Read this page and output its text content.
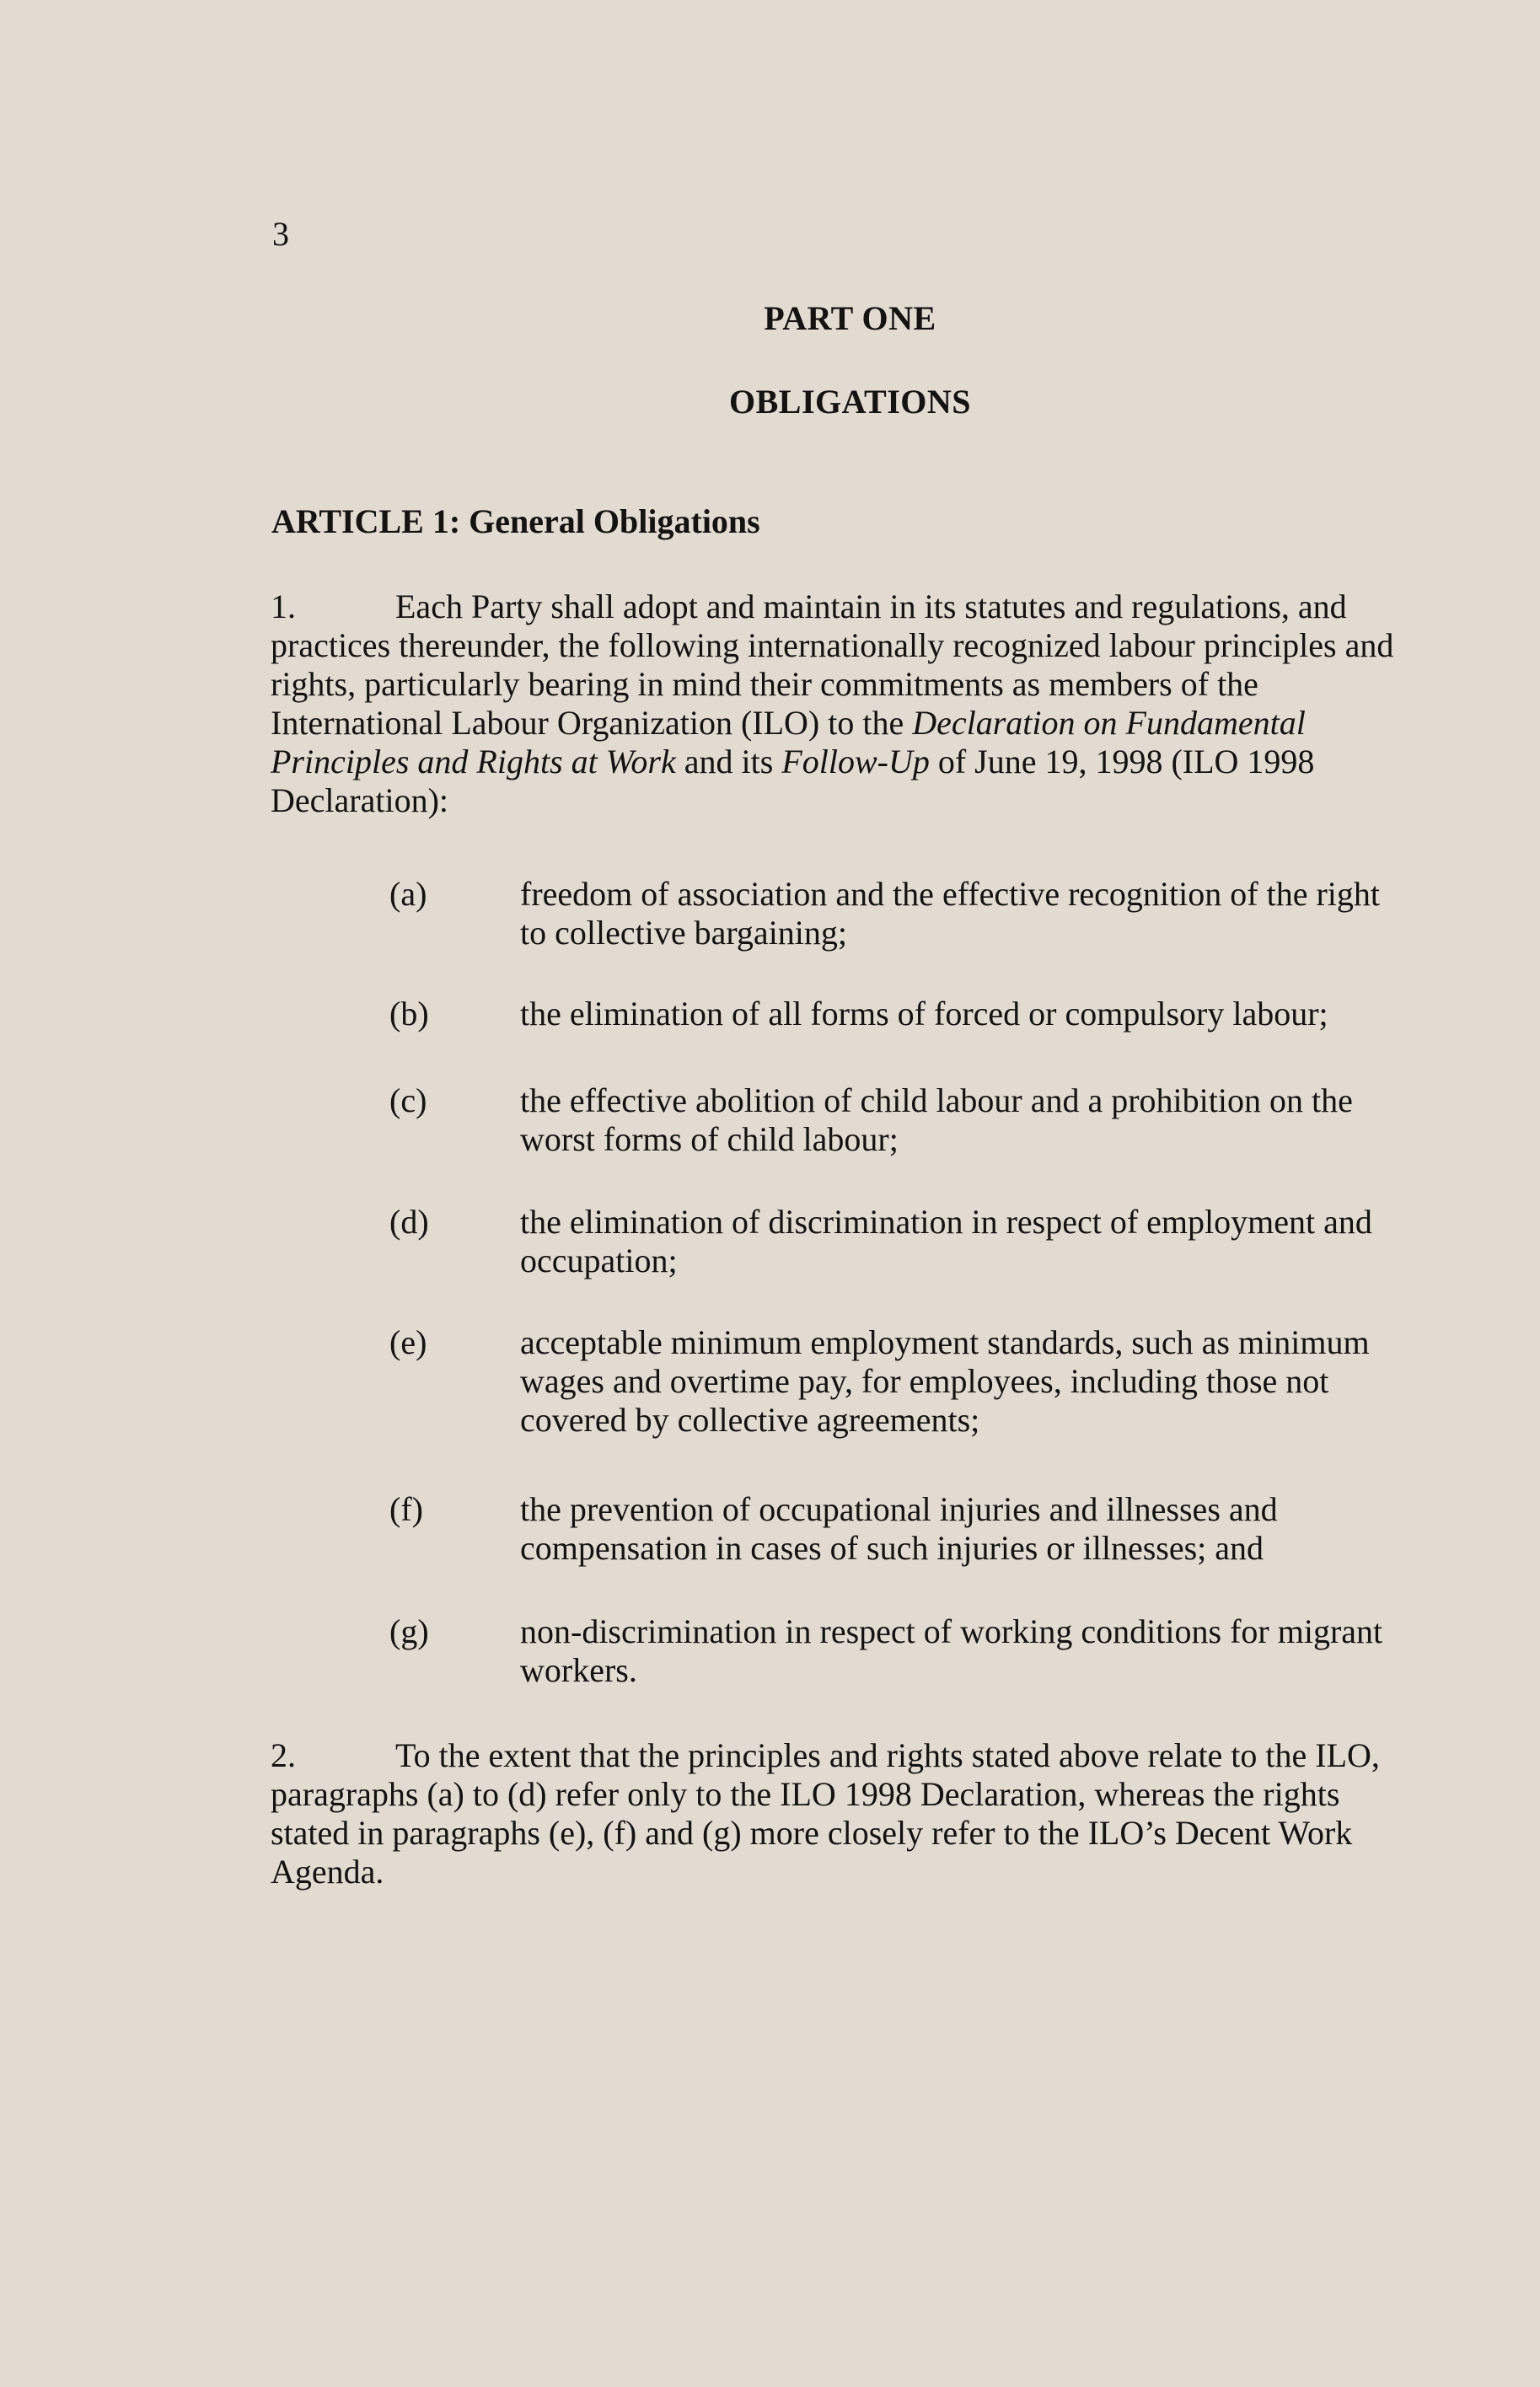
3
PART ONE
OBLIGATIONS
ARTICLE 1: General Obligations
1.	Each Party shall adopt and maintain in its statutes and regulations, and practices thereunder, the following internationally recognized labour principles and rights, particularly bearing in mind their commitments as members of the International Labour Organization (ILO) to the Declaration on Fundamental Principles and Rights at Work and its Follow-Up of June 19, 1998 (ILO 1998 Declaration):
(a)	freedom of association and the effective recognition of the right to collective bargaining;
(b)	the elimination of all forms of forced or compulsory labour;
(c)	the effective abolition of child labour and a prohibition on the worst forms of child labour;
(d)	the elimination of discrimination in respect of employment and occupation;
(e)	acceptable minimum employment standards, such as minimum wages and overtime pay, for employees, including those not covered by collective agreements;
(f)	the prevention of occupational injuries and illnesses and compensation in cases of such injuries or illnesses; and
(g)	non-discrimination in respect of working conditions for migrant workers.
2.	To the extent that the principles and rights stated above relate to the ILO, paragraphs (a) to (d) refer only to the ILO 1998 Declaration, whereas the rights stated in paragraphs (e), (f) and (g) more closely refer to the ILO’s Decent Work Agenda.
